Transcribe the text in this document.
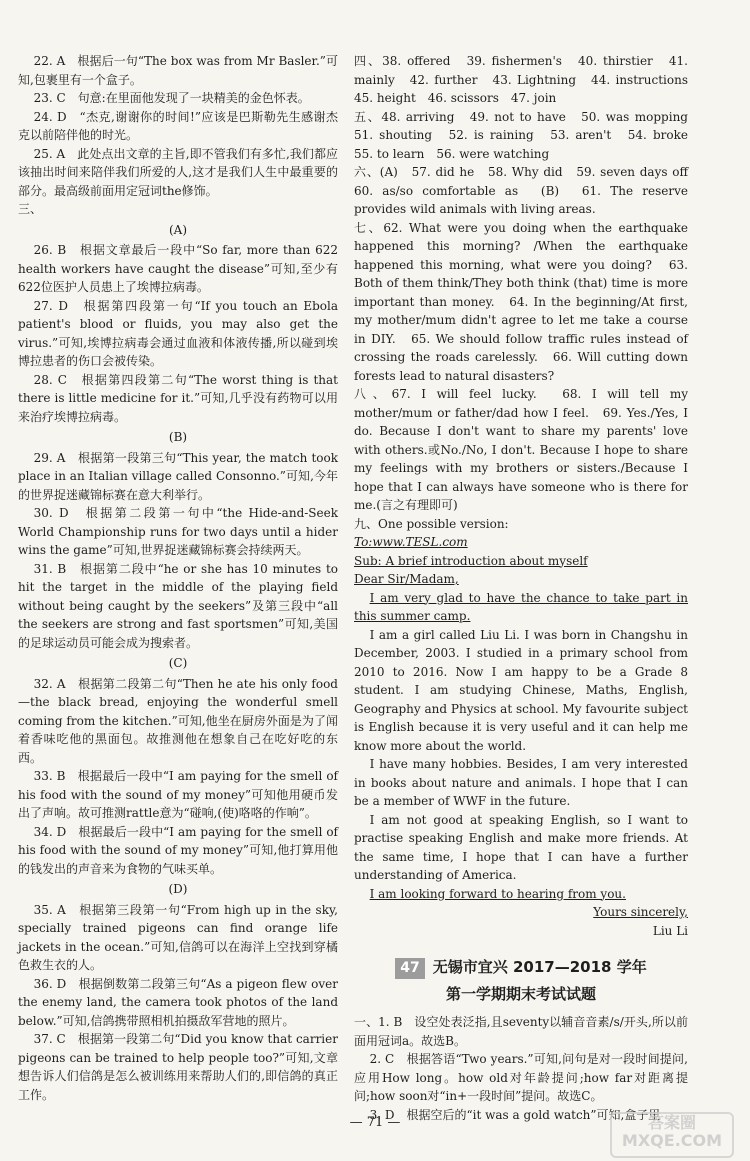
22. A　根据后一句“The box was from Mr Basler.”可知,包裹里有一个盒子。

23. C　句意:在里面他发现了一块精美的金色怀表。

24. D　“杰克,谢谢你的时间!”应该是巴斯勒先生感谢杰克以前陪伴他的时光。

25. A　此处点出文章的主旨,即不管我们有多忙,我们都应该抽出时间来陪伴我们所爱的人,这才是我们人生中最重要的部分。最高级前面用定冠词the修饰。

三、

(A)

26. B　根据文章最后一段中“So far, more than 622 health workers have caught the disease”可知,至少有622位医护人员患上了埃博拉病毒。

27. D　根据第四段第一句“If you touch an Ebola patient's blood or fluids, you may also get the virus.”可知,埃博拉病毒会通过血液和体液传播,所以碰到埃博拉患者的伤口会被传染。

28. C　根据第四段第二句“The worst thing is that there is little medicine for it.”可知,几乎没有药物可以用来治疗埃博拉病毒。

(B)

29. A　根据第一段第三句“This year, the match took place in an Italian village called Consonno.”可知,今年的世界捉迷藏锦标赛在意大利举行。

30. D　根据第二段第一句中“the Hide-and-Seek World Championship runs for two days until a hider wins the game”可知,世界捉迷藏锦标赛会持续两天。

31. B　根据第二段中“he or she has 10 minutes to hit the target in the middle of the playing field without being caught by the seekers”及第三段中“all the seekers are strong and fast sportsmen”可知,美国的足球运动员可能会成为搜索者。

(C)

32. A　根据第二段第二句“Then he ate his only food—the black bread, enjoying the wonderful smell coming from the kitchen.”可知,他坐在厨房外面是为了闻着香味吃他的黑面包。故推测他在想象自己在吃好吃的东西。

33. B　根据最后一段中“I am paying for the smell of his food with the sound of my money”可知他用硬币发出了声响。故可推测rattle意为“碰响,(使)咯咯的作响”。

34. D　根据最后一段中“I am paying for the smell of his food with the sound of my money”可知,他打算用他的钱发出的声音来为食物的气味买单。

(D)

35. A　根据第三段第一句“From high up in the sky, specially trained pigeons can find orange life jackets in the ocean.”可知,信鸽可以在海洋上空找到穿橘色救生衣的人。

36. D　根据倒数第二段第三句“As a pigeon flew over the enemy land, the camera took photos of the land below.”可知,信鸽携带照相机拍摄敌军营地的照片。

37. C　根据第一段第二句“Did you know that carrier pigeons can be trained to help people too?”可知,文章想告诉人们信鸽是怎么被训练用来帮助人们的,即信鸽的真正工作。

四、38. offered　39. fishermen's　40. thirstier　41. mainly　42. further　43. Lightning　44. instructions　45. height　46. scissors　47. join

五、48. arriving　49. not to have　50. was mopping　51. shouting　52. is raining　53. aren't　54. broke　55. to learn　56. were watching

六、(A)　57. did he　58. Why did　59. seven days off　60. as/so comfortable as　(B)　61. The reserve provides wild animals with living areas.

七、62. What were you doing when the earthquake happened this morning? /When the earthquake happened this morning, what were you doing?　63. Both of them think/They both think (that) time is more important than money.　64. In the beginning/At first, my mother/mum didn't agree to let me take a course in DIY.　65. We should follow traffic rules instead of crossing the roads carelessly.　66. Will cutting down forests lead to natural disasters?

八、67. I will feel lucky.　68. I will tell my mother/mum or father/dad how I feel.　69. Yes./Yes, I do. Because I don't want to share my parents' love with others.或No./No, I don't. Because I hope to share my feelings with my brothers or sisters./Because I hope that I can always have someone who is there for me.(言之有理即可)

九、One possible version:

To:www.TESL.com

Sub: A brief introduction about myself

Dear Sir/Madam,

I am very glad to have the chance to take part in this summer camp.

I am a girl called Liu Li. I was born in Changshu in December, 2003. I studied in a primary school from 2010 to 2016. Now I am happy to be a Grade 8 student. I am studying Chinese, Maths, English, Geography and Physics at school. My favourite subject is English because it is very useful and it can help me know more about the world.

I have many hobbies. Besides, I am very interested in books about nature and animals. I hope that I can be a member of WWF in the future.

I am not good at speaking English, so I want to practise speaking English and make more friends. At the same time, I hope that I can have a further understanding of America.

I am looking forward to hearing from you.

Yours sincerely,

Liu Li

47 无锡市宜兴 2017—2018 学年
第一学期期末考试试题

一、1. B　设空处表泛指,且seventy以辅音音素/s/开头,所以前面用冠词a。故选B。

2. C　根据答语“Two years.”可知,问句是对一段时间提问,应用How long。how old对年龄提问;how far对距离提问;how soon对“in+一段时间”提问。故选C。

3. D　根据空后的“it was a gold watch”可知,盒子里

— 71 —	答案圈 MXQE.COM
